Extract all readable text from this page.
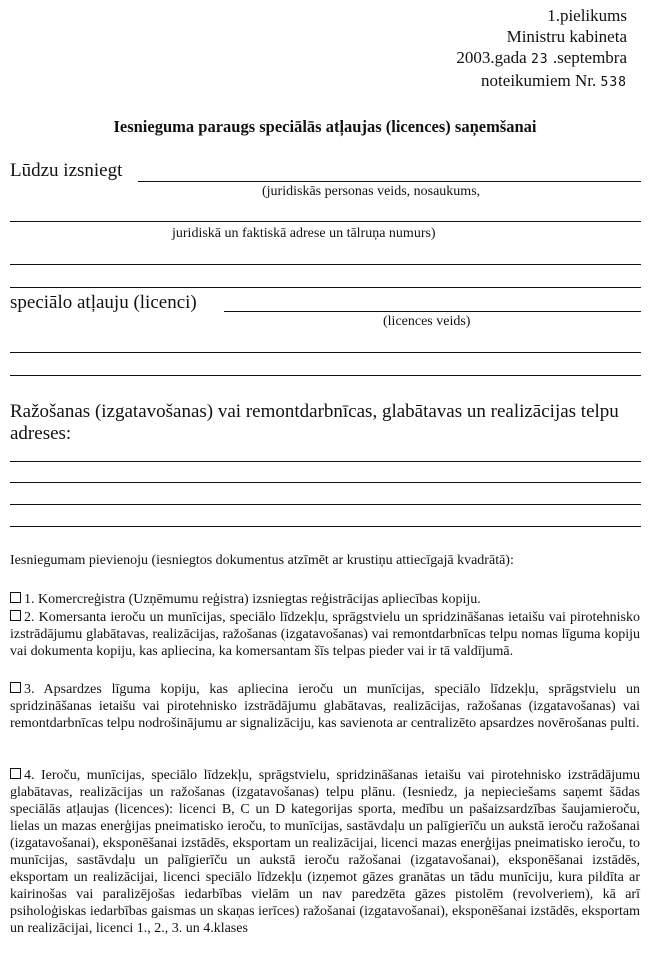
1.pielikums
Ministru kabineta
2003.gada 23 .septembra
noteikumiem Nr. 538
Iesnieguma paraugs speciālās atļaujas (licences) saņemšanai
Lūdzu izsniegt
(juridiskās personas veids, nosaukums,
juridiskā un faktiskā adrese un tālruņa numurs)
speciālo atļauju (licenci)
(licences veids)
Ražošanas (izgatavošanas) vai remontdarbnīcas, glabātavas un realizācijas telpu adreses:
Iesniegumam pievienoju (iesniegtos dokumentus atzīmēt ar krustiņu attiecīgajā kvadrātā):
1. Komercreģistra (Uzņēmumu reģistra) izsniegtas reģistrācijas apliecības kopiju.
2. Komersanta ieroču un munīcijas, speciālo līdzekļu, sprāgstvielu un spridzināšanas ietaišu vai pirotehnisko izstrādājumu glabātavas, realizācijas, ražošanas (izgatavošanas) vai remontdarbnīcas telpu nomas līguma kopiju vai dokumenta kopiju, kas apliecina, ka komersantam šīs telpas pieder vai ir tā valdījumā.
3. Apsardzes līguma kopiju, kas apliecina ieroču un munīcijas, speciālo līdzekļu, sprāgstvielu un spridzināšanas ietaišu vai pirotehnisko izstrādājumu glabātavas, realizācijas, ražošanas (izgatavošanas) vai remontdarbnīcas telpu nodrošinājumu ar signalizāciju, kas savienota ar centralizēto apsardzes novērošanas pulti.
4. Ieroču, munīcijas, speciālo līdzekļu, sprāgstvielu, spridzināšanas ietaišu vai pirotehnisko izstrādājumu glabātavas, realizācijas un ražošanas (izgatavošanas) telpu plānu. (Iesniedz, ja nepieciešams saņemt šādas speciālās atļaujas (licences): licenci B, C un D kategorijas sporta, medību un pašaizsardzības šaujamieroču, lielas un mazas enerģijas pneimatisko ieroču, to munīcijas, sastāvdaļu un palīgierīču un aukstā ieroču ražošanai (izgatavošanai), eksponēšanai izstādēs, eksportam un realizācijai, licenci mazas enerģijas pneimatisko ieroču, to munīcijas, sastāvdaļu un palīgierīču un aukstā ieroču ražošanai (izgatavošanai), eksponēšanai izstādēs, eksportam un realizācijai, licenci speciālo līdzekļu (izņemot gāzes granātas un tādu munīciju, kura pildīta ar kairinošas vai paralizējošas iedarbības vielām un nav paredzēta gāzes pistolēm (revolveriem), kā arī psiholoģiskas iedarbības gaismas un skaņas ierīces) ražošanai (izgatavošanai), eksponēšanai izstādēs, eksportam un realizācijai, licenci 1., 2., 3. un 4.klases
